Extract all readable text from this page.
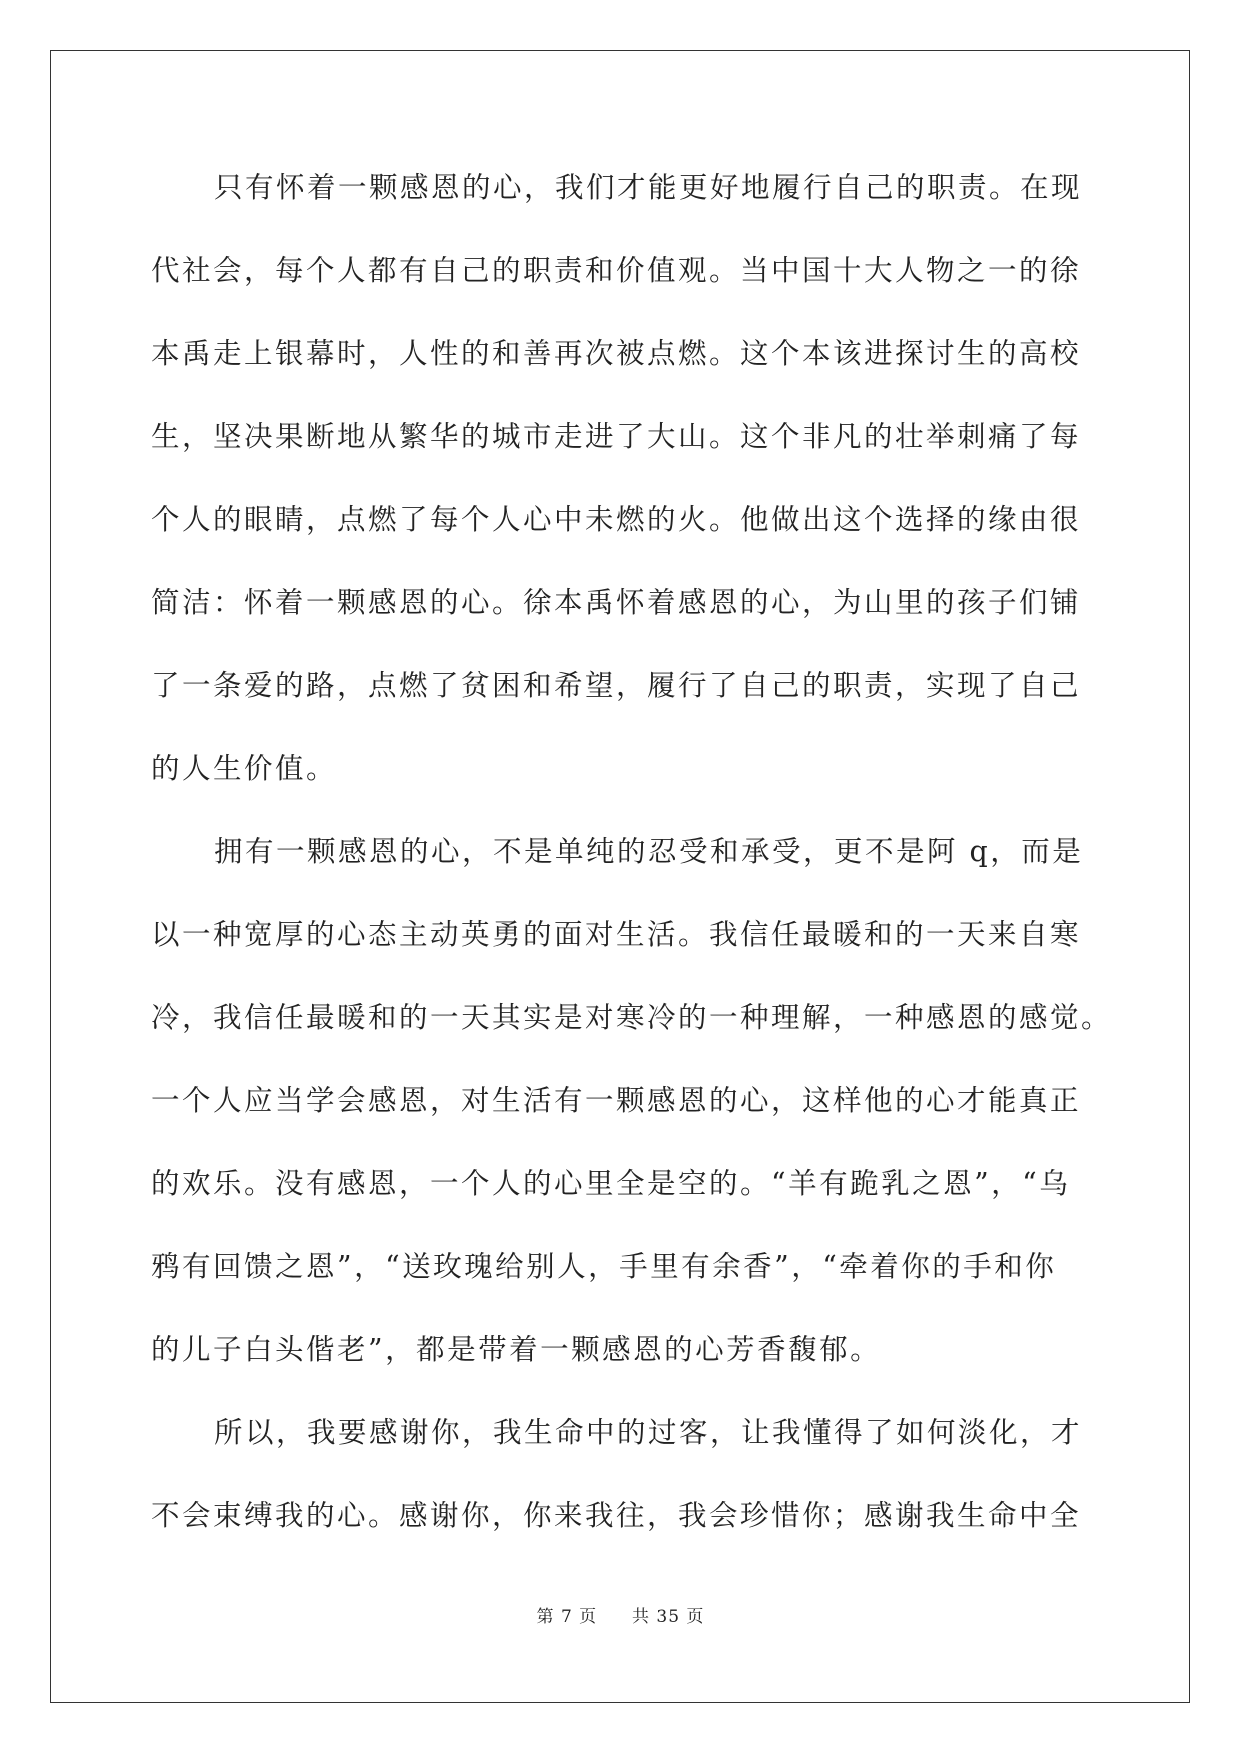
只有怀着一颗感恩的心，我们才能更好地履行自己的职责。在现

代社会，每个人都有自己的职责和价值观。当中国十大人物之一的徐

本禹走上银幕时，人性的和善再次被点燃。这个本该进探讨生的高校

生，坚决果断地从繁华的城市走进了大山。这个非凡的壮举刺痛了每

个人的眼睛，点燃了每个人心中未燃的火。他做出这个选择的缘由很

简洁：怀着一颗感恩的心。徐本禹怀着感恩的心，为山里的孩子们铺

了一条爱的路，点燃了贫困和希望，履行了自己的职责，实现了自己

的人生价值。

拥有一颗感恩的心，不是单纯的忍受和承受，更不是阿 q，而是

以一种宽厚的心态主动英勇的面对生活。我信任最暖和的一天来自寒

冷，我信任最暖和的一天其实是对寒冷的一种理解，一种感恩的感觉。

一个人应当学会感恩，对生活有一颗感恩的心，这样他的心才能真正

的欢乐。没有感恩，一个人的心里全是空的。“羊有跪乳之恩”，“乌

鸦有回馈之恩”，“送玫瑰给别人，手里有余香”，“牵着你的手和你

的儿子白头偕老”，都是带着一颗感恩的心芳香馥郁。

所以，我要感谢你，我生命中的过客，让我懂得了如何淡化，才

不会束缚我的心。感谢你，你来我往，我会珍惜你；感谢我生命中全

第 7 页 共 35 页
